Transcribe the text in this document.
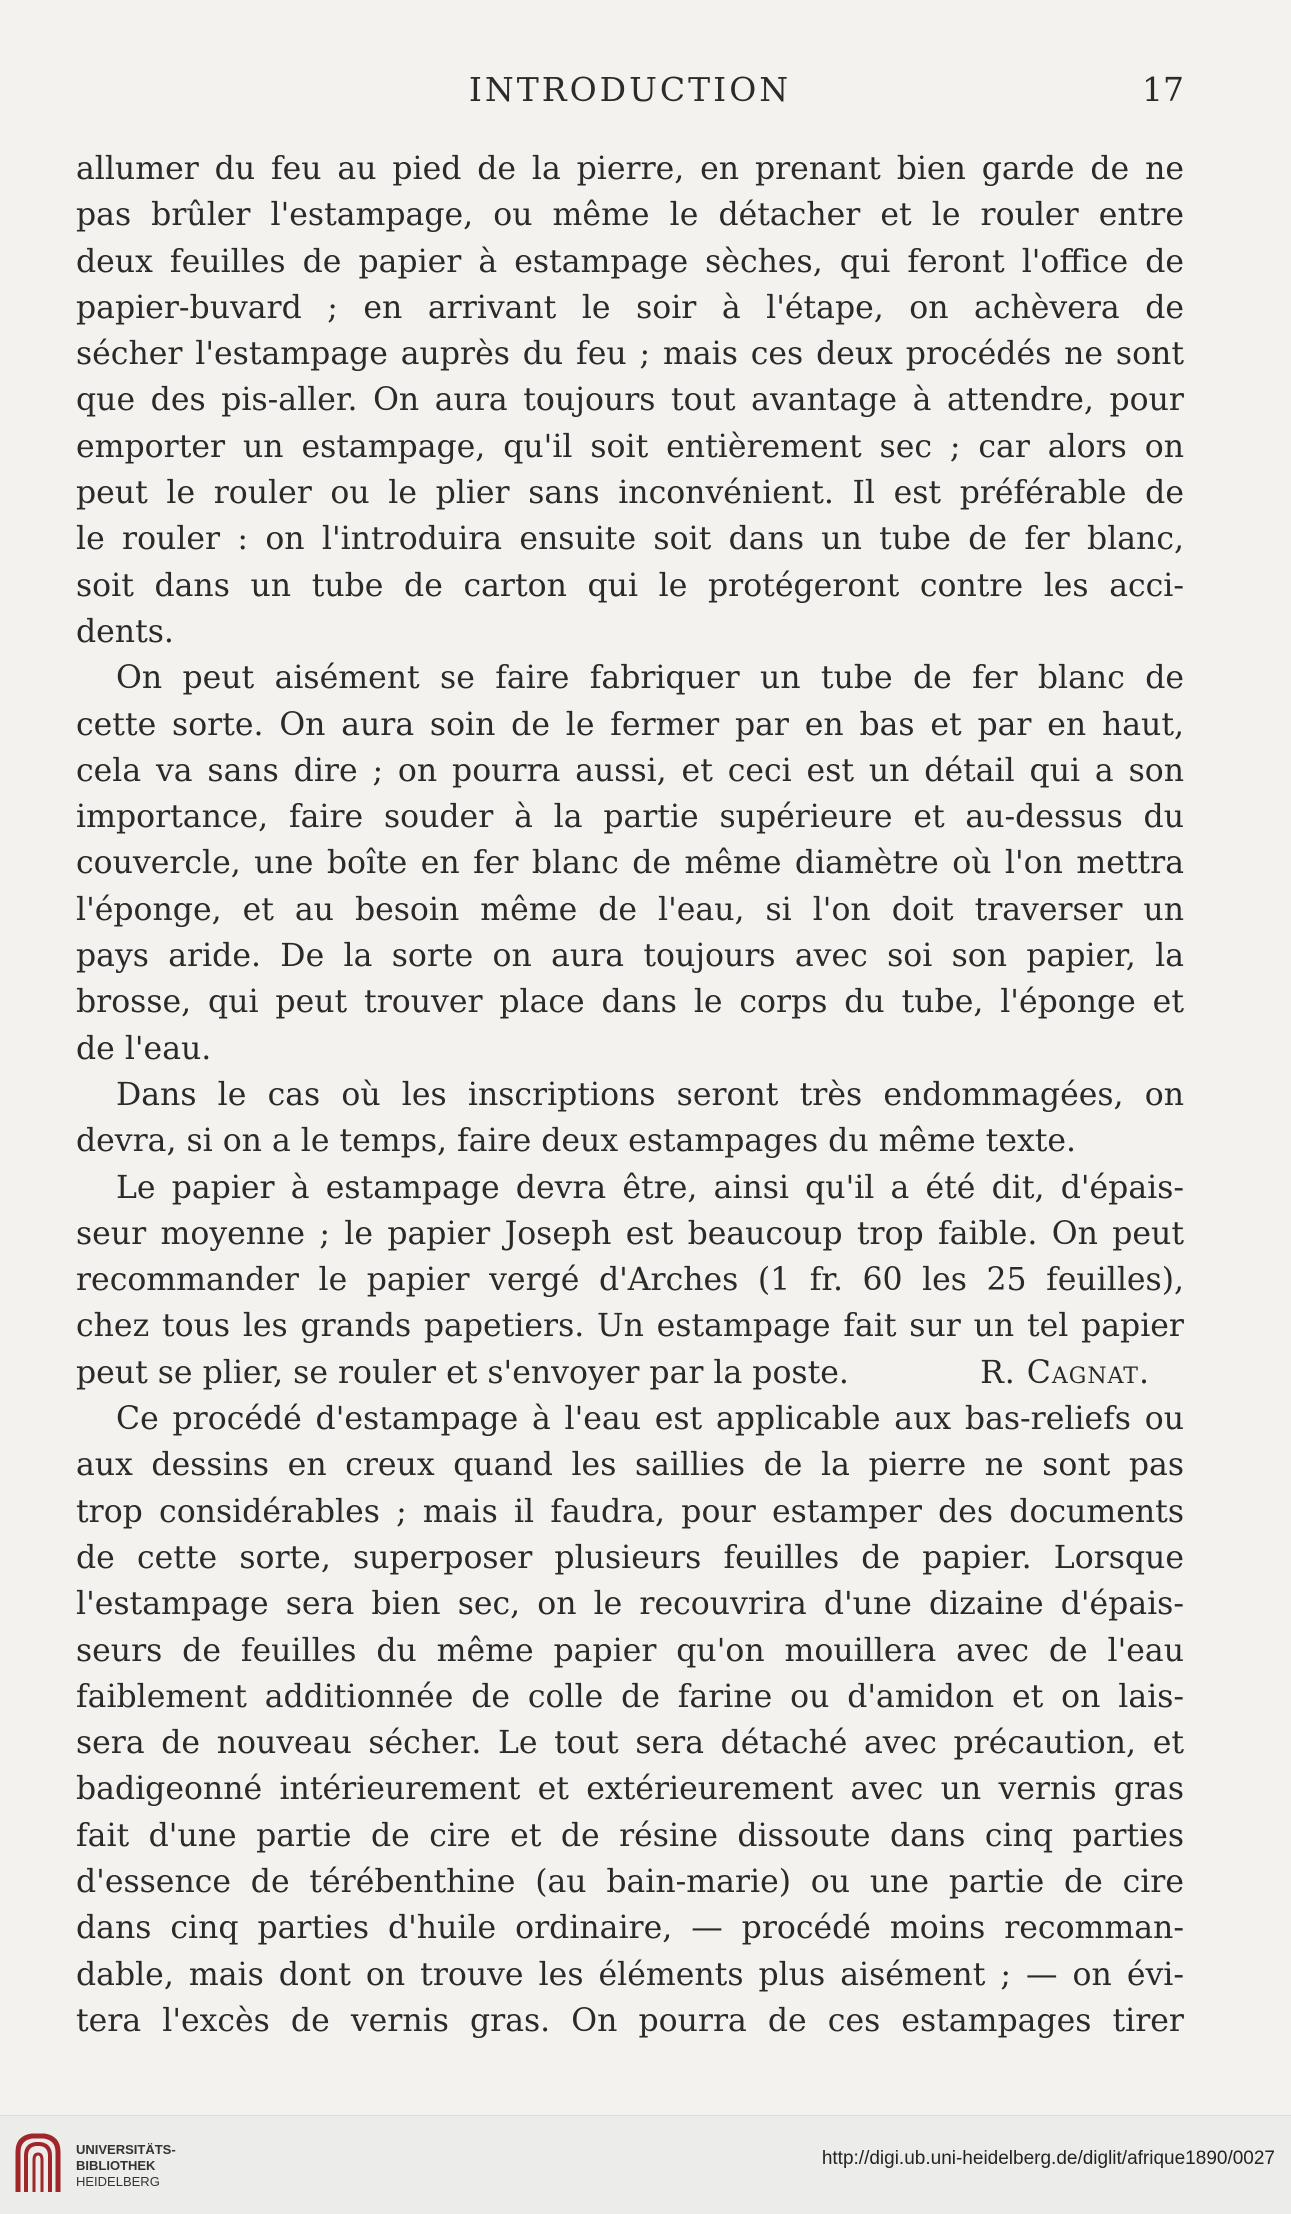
INTRODUCTION	17
allumer du feu au pied de la pierre, en prenant bien garde de ne
pas brûler l'estampage, ou même le détacher et le rouler entre
deux feuilles de papier à estampage sèches, qui feront l'office de
papier-buvard ; en arrivant le soir à l'étape, on achèvera de
sécher l'estampage auprès du feu ; mais ces deux procédés ne sont
que des pis-aller. On aura toujours tout avantage à attendre, pour
emporter un estampage, qu'il soit entièrement sec ; car alors on
peut le rouler ou le plier sans inconvénient. Il est préférable de
le rouler : on l'introduira ensuite soit dans un tube de fer blanc,
soit dans un tube de carton qui le protégeront contre les acci-
dents.
On peut aisément se faire fabriquer un tube de fer blanc de
cette sorte. On aura soin de le fermer par en bas et par en haut,
cela va sans dire ; on pourra aussi, et ceci est un détail qui a son
importance, faire souder à la partie supérieure et au-dessus du
couvercle, une boîte en fer blanc de même diamètre où l'on mettra
l'éponge, et au besoin même de l'eau, si l'on doit traverser un
pays aride. De la sorte on aura toujours avec soi son papier, la
brosse, qui peut trouver place dans le corps du tube, l'éponge et
de l'eau.
Dans le cas où les inscriptions seront très endommagées, on
devra, si on a le temps, faire deux estampages du même texte.
Le papier à estampage devra être, ainsi qu'il a été dit, d'épais-
seur moyenne ; le papier Joseph est beaucoup trop faible. On peut
recommander le papier vergé d'Arches (1 fr. 60 les 25 feuilles),
chez tous les grands papetiers. Un estampage fait sur un tel papier
peut se plier, se rouler et s'envoyer par la poste.	R. Cagnat.
Ce procédé d'estampage à l'eau est applicable aux bas-reliefs ou
aux dessins en creux quand les saillies de la pierre ne sont pas
trop considérables ; mais il faudra, pour estamper des documents
de cette sorte, superposer plusieurs feuilles de papier. Lorsque
l'estampage sera bien sec, on le recouvrira d'une dizaine d'épais-
seurs de feuilles du même papier qu'on mouillera avec de l'eau
faiblement additionnée de colle de farine ou d'amidon et on lais-
sera de nouveau sécher. Le tout sera détaché avec précaution, et
badigeonné intérieurement et extérieurement avec un vernis gras
fait d'une partie de cire et de résine dissoute dans cinq parties
d'essence de térébenthine (au bain-marie) ou une partie de cire
dans cinq parties d'huile ordinaire, — procédé moins recomman-
dable, mais dont on trouve les éléments plus aisément ; — on évi-
tera l'excès de vernis gras. On pourra de ces estampages tirer
UNIVERSITÄTS-
BIBLIOTHEK
HEIDELBERG
http://digi.ub.uni-heidelberg.de/diglit/afrique1890/0027
